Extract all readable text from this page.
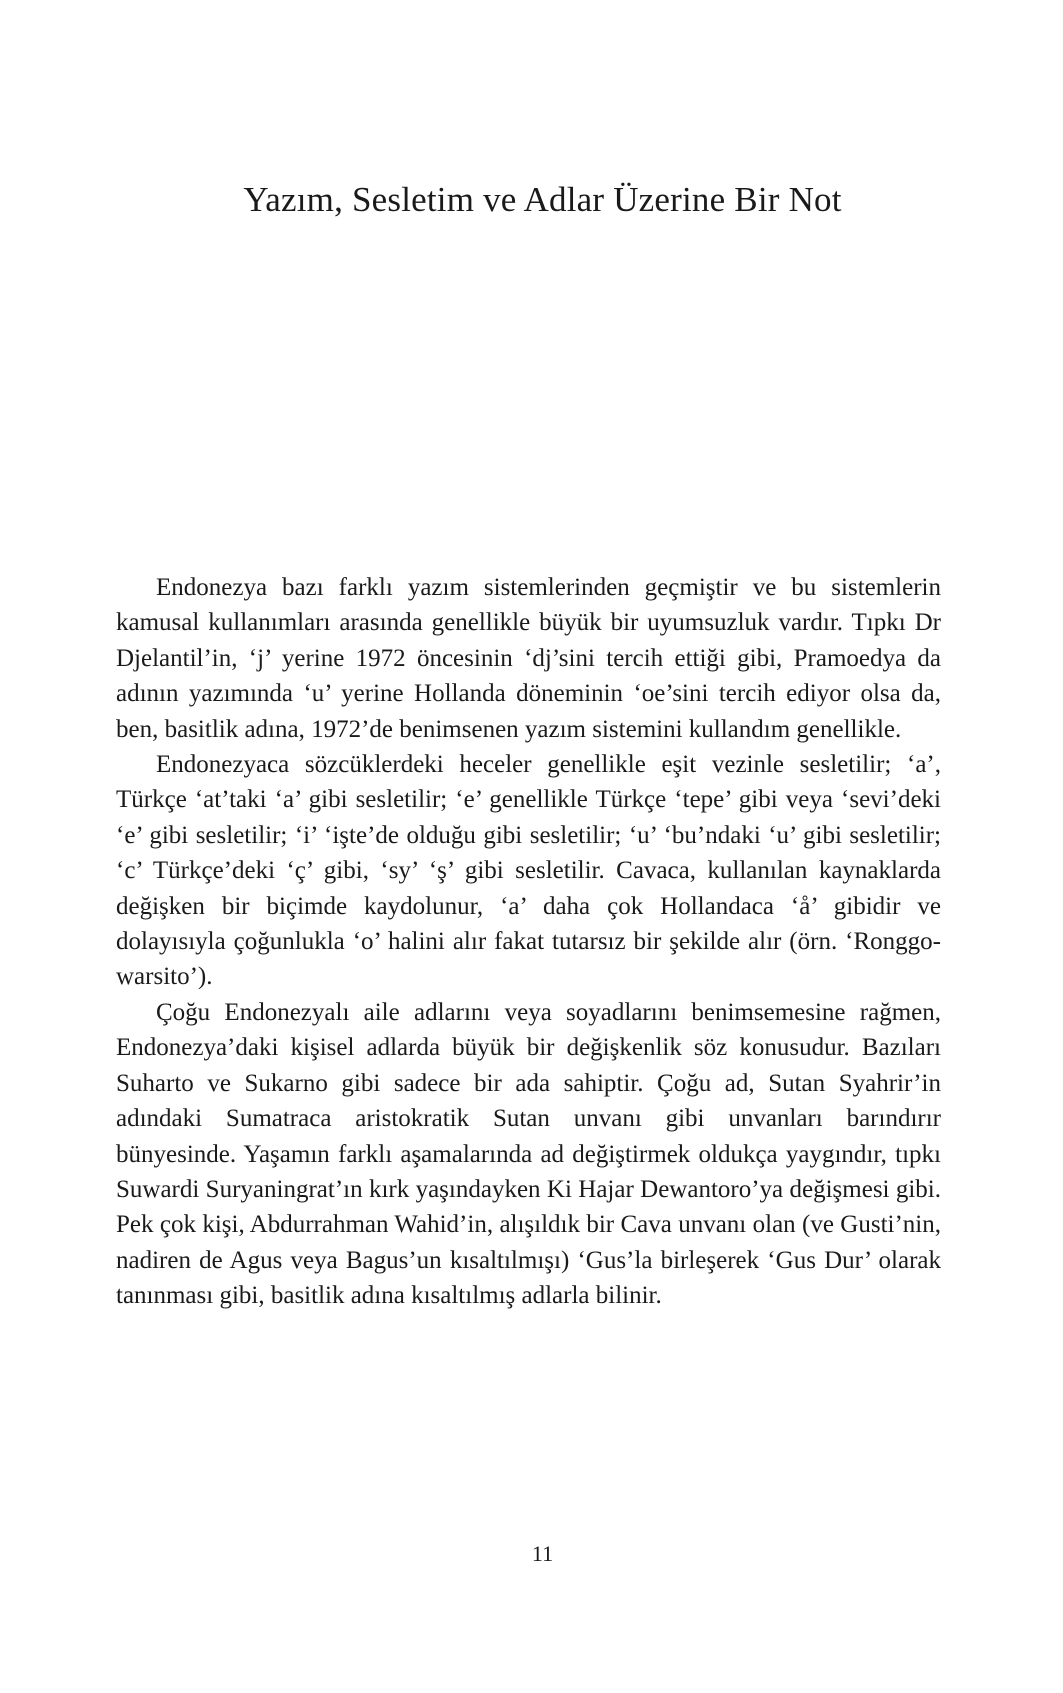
Yazım, Sesletim ve Adlar Üzerine Bir Not

Endonezya bazı farklı yazım sistemlerinden geçmiştir ve bu sistemlerin kamusal kullanımları arasında genellikle büyük bir uyumsuzluk vardır. Tıpkı Dr Djelantil’in, ‘j’ yerine 1972 öncesinin ‘dj’sini tercih ettiği gibi, Pramoedya da adının yazımında ‘u’ yerine Hollanda döneminin ‘oe’sini tercih ediyor olsa da, ben, basitlik adına, 1972’de benimsenen yazım sistemini kullandım genellikle.

Endonezyaca sözcüklerdeki heceler genellikle eşit vezinle sesletilir; ‘a’, Türkçe ‘at’taki ‘a’ gibi sesletilir; ‘e’ genellikle Türkçe ‘tepe’ gibi veya ‘sevi’deki ‘e’ gibi sesletilir; ‘i’ ‘işte’de olduğu gibi sesletilir; ‘u’ ‘bu’ndaki ‘u’ gibi sesletilir; ‘c’ Türkçe’deki ‘ç’ gibi, ‘sy’ ‘ş’ gibi sesletilir. Cavaca, kullanılan kaynaklarda değişken bir biçimde kaydolunur, ‘a’ daha çok Hollandaca ‘å’ gibidir ve dolayısıyla çoğunlukla ‘o’ halini alır fakat tutarsız bir şekilde alır (örn. ‘Ronggowarsito’).

Çoğu Endonezyalı aile adlarını veya soyadlarını benimsemesine rağmen, Endonezya’daki kişisel adlarda büyük bir değişkenlik söz konusudur. Bazıları Suharto ve Sukarno gibi sadece bir ada sahiptir. Çoğu ad, Sutan Syahrir’in adındaki Sumatraca aristokratik Sutan unvanı gibi unvanları barındırır bünyesinde. Yaşamın farklı aşamalarında ad değiştirmek oldukça yaygındır, tıpkı Suwardi Suryaningrat’ın kırk yaşındayken Ki Hajar Dewantoro’ya değişmesi gibi. Pek çok kişi, Abdurrahman Wahid’in, alışıldık bir Cava unvanı olan (ve Gusti’nin, nadiren de Agus veya Bagus’un kısaltılmışı) ‘Gus’la birleşerek ‘Gus Dur’ olarak tanınması gibi, basitlik adına kısaltılmış adlarla bilinir.

11
